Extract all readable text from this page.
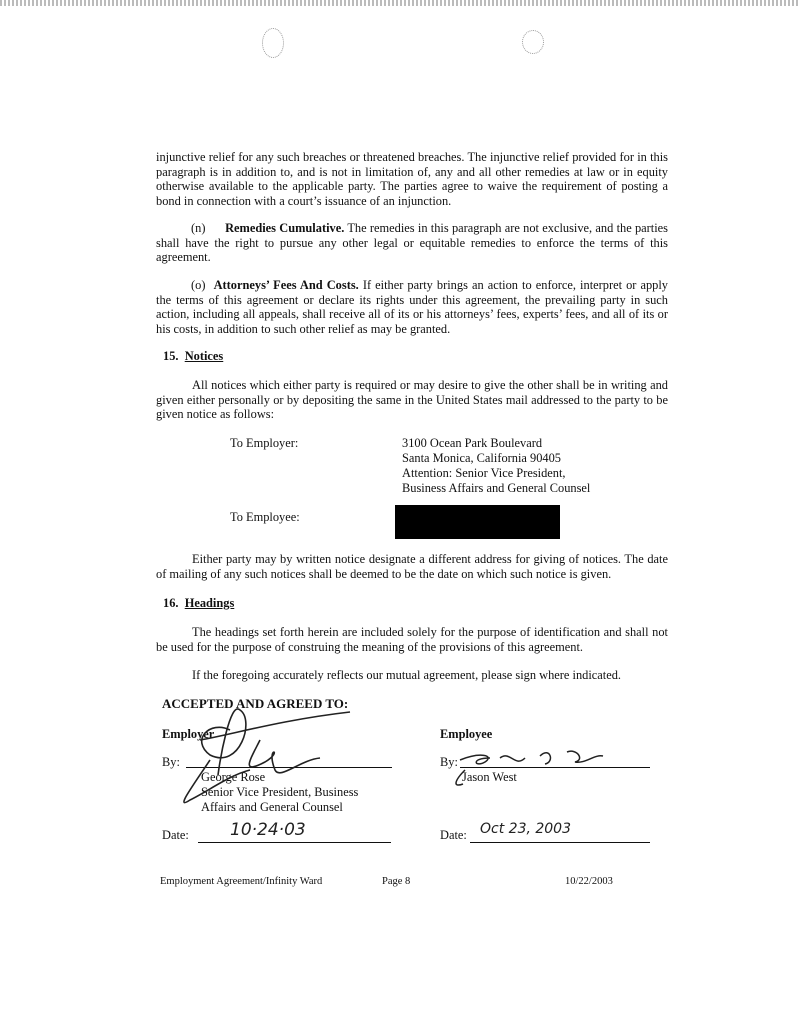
injunctive relief for any such breaches or threatened breaches. The injunctive relief provided for in this paragraph is in addition to, and is not in limitation of, any and all other remedies at law or in equity otherwise available to the applicable party. The parties agree to waive the requirement of posting a bond in connection with a court’s issuance of an injunction.
(n) Remedies Cumulative. The remedies in this paragraph are not exclusive, and the parties shall have the right to pursue any other legal or equitable remedies to enforce the terms of this agreement.
(o) Attorneys’ Fees And Costs. If either party brings an action to enforce, interpret or apply the terms of this agreement or declare its rights under this agreement, the prevailing party in such action, including all appeals, shall receive all of its or his attorneys’ fees, experts’ fees, and all of its or his costs, in addition to such other relief as may be granted.
15. Notices
All notices which either party is required or may desire to give the other shall be in writing and given either personally or by depositing the same in the United States mail addressed to the party to be given notice as follows:
To Employer:	3100 Ocean Park Boulevard
Santa Monica, California 90405
Attention: Senior Vice President,
Business Affairs and General Counsel
To Employee:
Either party may by written notice designate a different address for giving of notices. The date of mailing of any such notices shall be deemed to be the date on which such notice is given.
16. Headings
The headings set forth herein are included solely for the purpose of identification and shall not be used for the purpose of construing the meaning of the provisions of this agreement.
If the foregoing accurately reflects our mutual agreement, please sign where indicated.
ACCEPTED AND AGREED TO:
Employer
By:
George Rose
Senior Vice President, Business
Affairs and General Counsel
Date: 10·24·03
Employee
By:
Jason West
Date: Oct 23, 2003
Employment Agreement/Infinity Ward	Page 8	10/22/2003
